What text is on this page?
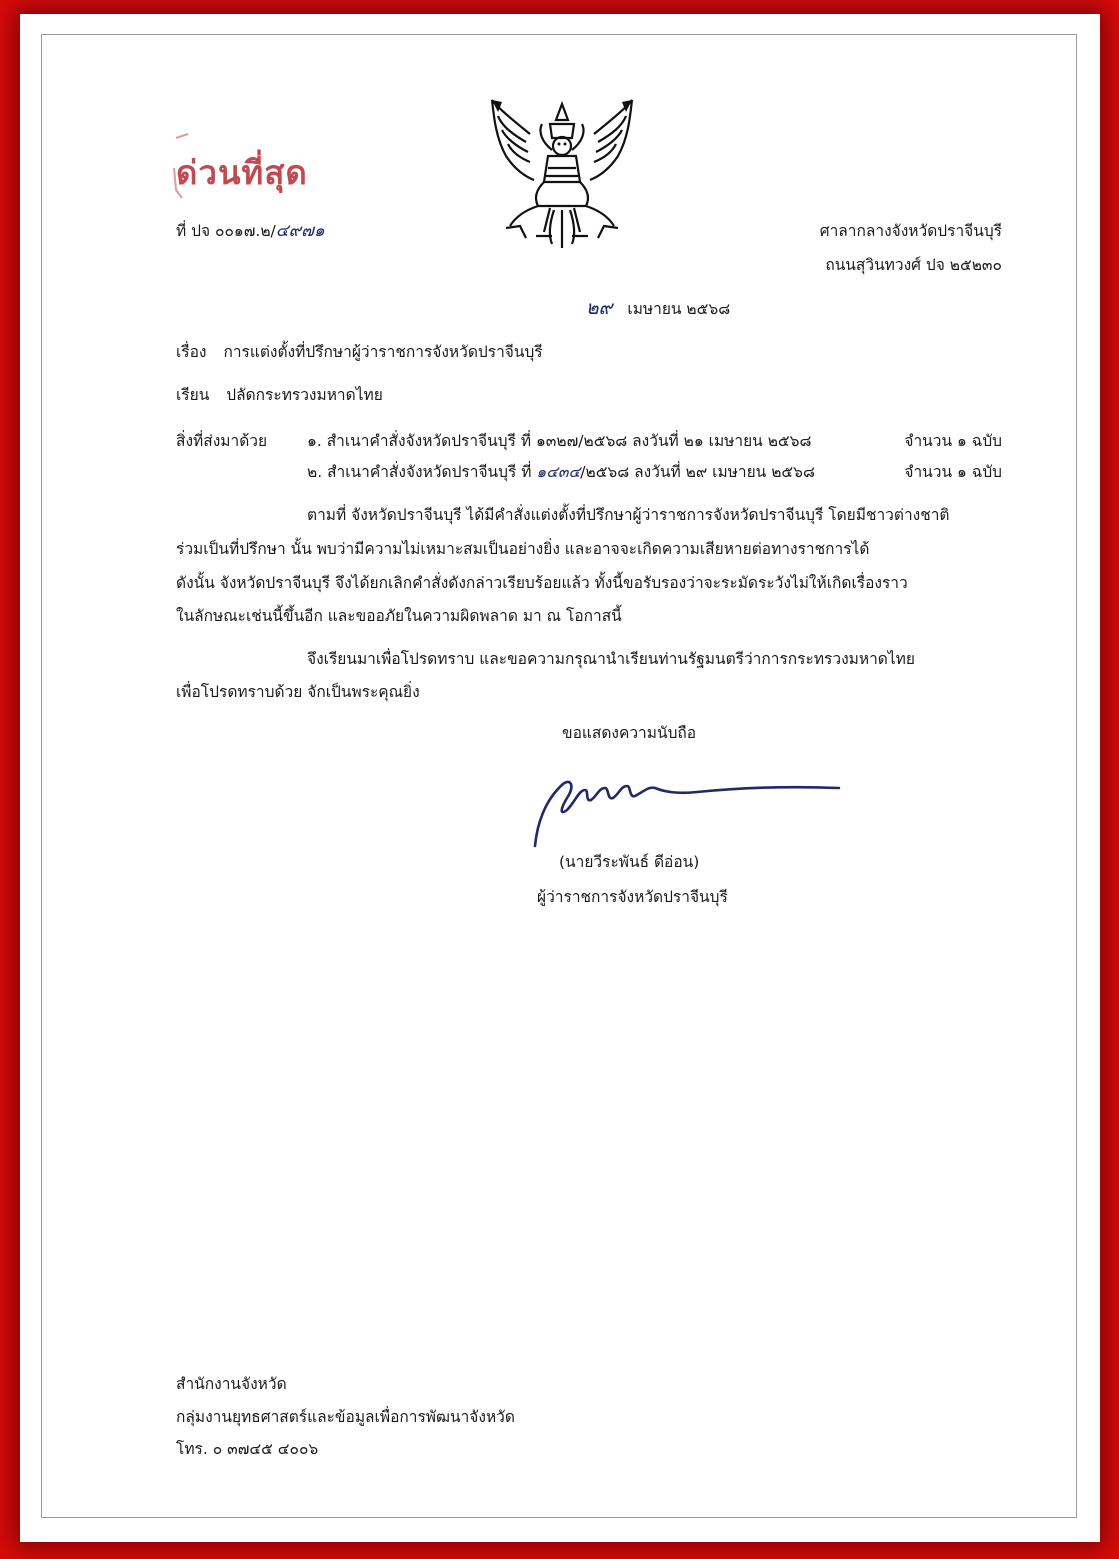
ด่วนที่สุด
ที่ ปจ ๐๐๑๗.๒/๔๙๗๑	ศาลากลางจังหวัดปราจีนบุรี
ถนนสุวินทวงศ์ ปจ ๒๕๒๓๐
๒๙ เมษายน ๒๕๖๘
เรื่อง การแต่งตั้งที่ปรึกษาผู้ว่าราชการจังหวัดปราจีนบุรี
เรียน ปลัดกระทรวงมหาดไทย
สิ่งที่ส่งมาด้วย	๑. สำเนาคำสั่งจังหวัดปราจีนบุรี ที่ ๑๓๒๗/๒๕๖๘ ลงวันที่ ๒๑ เมษายน ๒๕๖๘	จำนวน ๑ ฉบับ
๒. สำเนาคำสั่งจังหวัดปราจีนบุรี ที่ ๑๔๓๔/๒๕๖๘ ลงวันที่ ๒๙ เมษายน ๒๕๖๘	จำนวน ๑ ฉบับ
ตามที่ จังหวัดปราจีนบุรี ได้มีคำสั่งแต่งตั้งที่ปรึกษาผู้ว่าราชการจังหวัดปราจีนบุรี โดยมีชาวต่างชาติ
ร่วมเป็นที่ปรึกษา นั้น พบว่ามีความไม่เหมาะสมเป็นอย่างยิ่ง และอาจจะเกิดความเสียหายต่อทางราชการได้
ดังนั้น จังหวัดปราจีนบุรี จึงได้ยกเลิกคำสั่งดังกล่าวเรียบร้อยแล้ว ทั้งนี้ขอรับรองว่าจะระมัดระวังไม่ให้เกิดเรื่องราว
ในลักษณะเช่นนี้ขึ้นอีก และขออภัยในความผิดพลาด มา ณ โอกาสนี้
จึงเรียนมาเพื่อโปรดทราบ และขอความกรุณานำเรียนท่านรัฐมนตรีว่าการกระทรวงมหาดไทย
เพื่อโปรดทราบด้วย จักเป็นพระคุณยิ่ง
ขอแสดงความนับถือ
(นายวีระพันธ์ ดีอ่อน)
ผู้ว่าราชการจังหวัดปราจีนบุรี
สำนักงานจังหวัด
กลุ่มงานยุทธศาสตร์และข้อมูลเพื่อการพัฒนาจังหวัด
โทร. ๐ ๓๗๔๕ ๔๐๐๖
